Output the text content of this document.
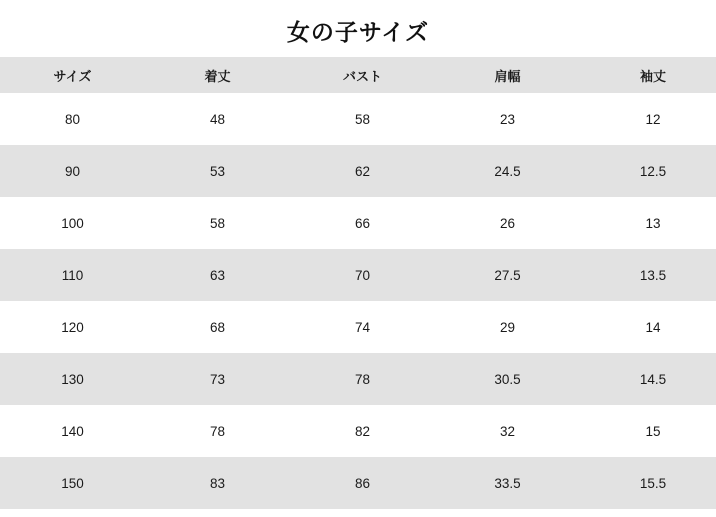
女の子サイズ
サイズ	着丈	バスト	肩幅	袖丈
80	48	58	23	12
90	53	62	24.5	12.5
100	58	66	26	13
110	63	70	27.5	13.5
120	68	74	29	14
130	73	78	30.5	14.5
140	78	82	32	15
150	83	86	33.5	15.5
